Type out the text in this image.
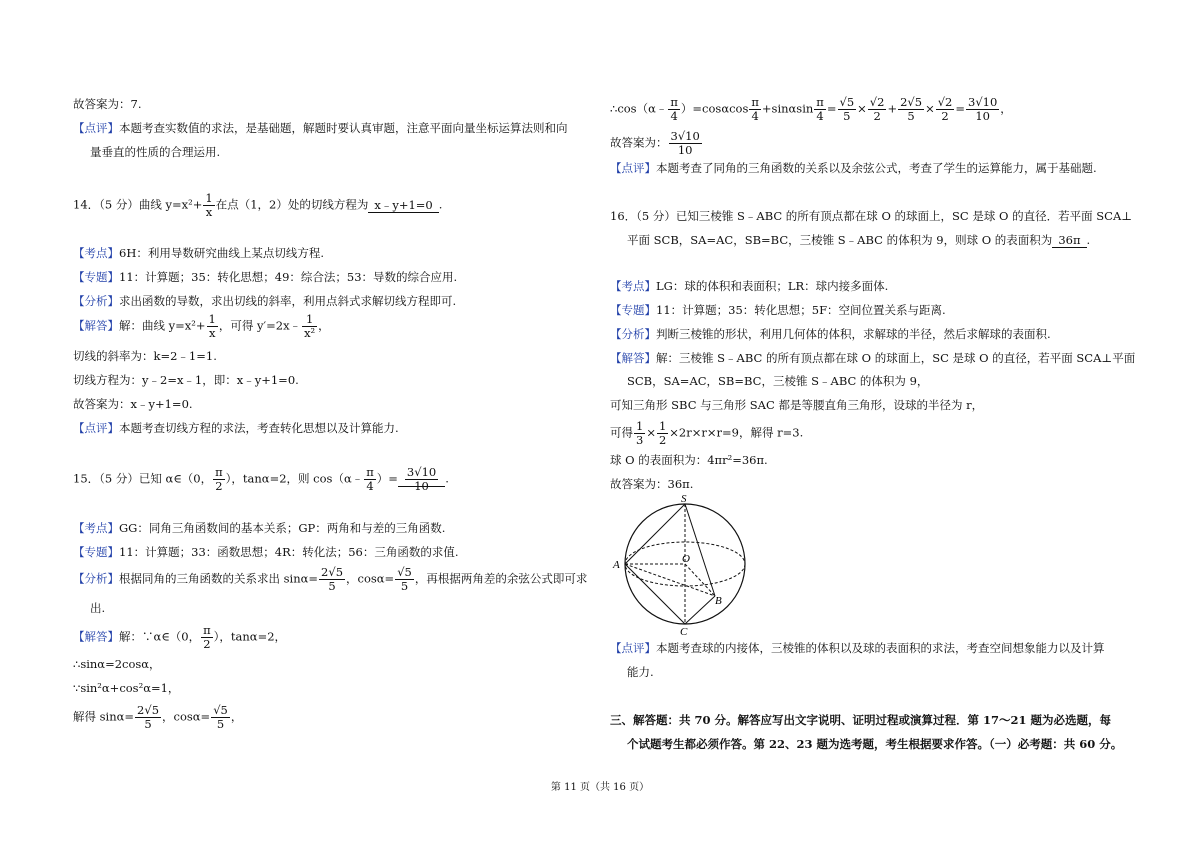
故答案为：7.
【点评】本题考查实数值的求法，是基础题，解题时要认真审题，注意平面向量坐标运算法则和向
量垂直的性质的合理运用.
14．（5 分）曲线 $y=x^2+ \frac{1}{x}$ 在点（1，2）处的切线方程为 x﹣y+1=0 .
【考点】6H：利用导数研究曲线上某点切线方程.
【专题】11：计算题；35：转化思想；49：综合法；53：导数的综合应用.
【分析】求出函数的导数，求出切线的斜率，利用点斜式求解切线方程即可.
【解答】解：曲线 $y=x^2+ \frac{1}{x}$ ，可得 y′=2x﹣ $\frac{1}{\text{x²}}$ ，
切线的斜率为：k=2﹣1=1.
切线方程为：y﹣2=x﹣1，即：x﹣y+1=0.
故答案为：x﹣y+1=0.
【点评】本题考查切线方程的求法，考查转化思想以及计算能力.
15．（5 分）已知 α∈（0， $\frac{\pi}{2}$ ），tanα=2，则 cos（α﹣ $\frac{\pi}{4}$ ）= $\frac{3√10}{10}$ .
【考点】GG：同角三角函数间的基本关系；GP：两角和与差的三角函数.
【专题】11：计算题；33：函数思想；4R：转化法；56：三角函数的求值.
【分析】根据同角的三角函数的关系求出 $\sin\alpha= \frac{2√5}{5}$ ，$\cos\alpha= \frac{√5}{5}$ ，再根据两角差的余弦公式即可求
出.
【解答】解：∵α∈（0， $\frac{\pi}{2}$ ），tanα=2，
∴sinα=2cosα，
∵sin²α+cos²α=1，
解得 $\sin\alpha= \frac{2√5}{5}$ ，$\cos\alpha= \frac{√5}{5}$ ，
∴cos（α﹣ $\frac{\pi}{4} )=\cos\alpha\cos \frac{\pi}{4} +\sin\alpha\sin \frac{\pi}{4} = \frac{√5}{5} \times \frac{√2}{2} + \frac{2√5}{5} \times \frac{√2}{2} = \frac{3√10}{10}$ ，
故答案为： $\frac{3√10}{10}$
【点评】本题考查了同角的三角函数的关系以及余弦公式，考查了学生的运算能力，属于基础题.
16．（5 分）已知三棱锥 S﹣ABC 的所有顶点都在球 O 的球面上，SC 是球 O 的直径．若平面 SCA⊥
平面 SCB，SA=AC，SB=BC，三棱锥 S﹣ABC 的体积为 9，则球 O 的表面积为 36π .
【考点】LG：球的体积和表面积；LR：球内接多面体.
【专题】11：计算题；35：转化思想；5F：空间位置关系与距离.
【分析】判断三棱锥的形状，利用几何体的体积，求解球的半径，然后求解球的表面积.
【解答】解：三棱锥 S﹣ABC 的所有顶点都在球 O 的球面上，SC 是球 O 的直径，若平面 SCA⊥平面
SCB，SA=AC，SB=BC，三棱锥 S﹣ABC 的体积为 9，
可知三角形 SBC 与三角形 SAC 都是等腰直角三角形，设球的半径为 r，
可得 $\frac{1}{3} \times \frac{1}{2} \times 2r\times r\times r=9$，解得 r=3.
球 O 的表面积为：4πr²=36π.
故答案为：36π.
S
O
A
B
C
【点评】本题考查球的内接体，三棱锥的体积以及球的表面积的求法，考查空间想象能力以及计算
能力.
三、解答题：共 70 分。解答应写出文字说明、证明过程或演算过程．第 17～21 题为必选题，每
个试题考生都必须作答。第 22、23 题为选考题，考生根据要求作答。（一）必考题：共 60 分。
第 11 页（共 16 页）
